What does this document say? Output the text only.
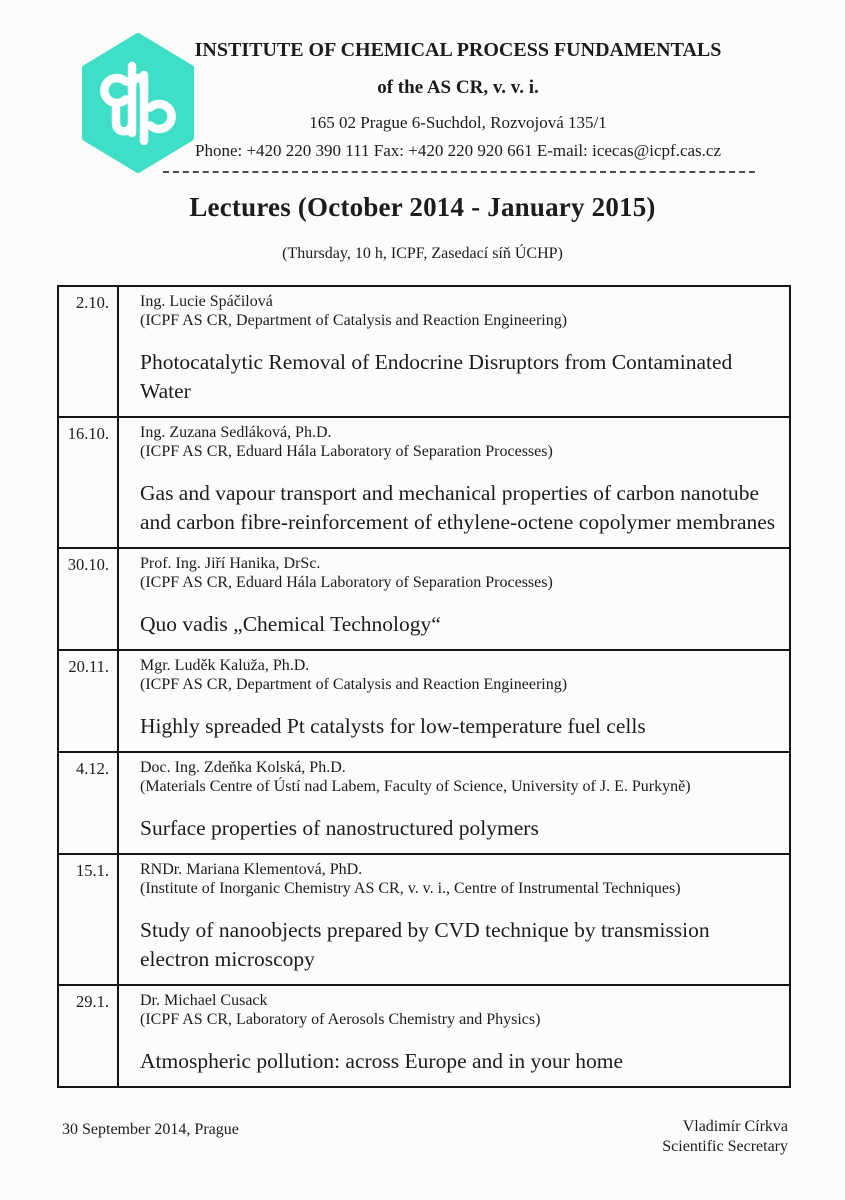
INSTITUTE OF CHEMICAL PROCESS FUNDAMENTALS
of the AS CR, v. v. i.
165 02 Prague 6-Suchdol, Rozvojová 135/1
Phone: +420 220 390 111 Fax: +420 220 920 661 E-mail: icecas@icpf.cas.cz
Lectures (October 2014 - January 2015)
(Thursday, 10 h, ICPF, Zasedací síň ÚCHP)
2.10.	Ing. Lucie Spáčilová
(ICPF AS CR, Department of Catalysis and Reaction Engineering)
Photocatalytic Removal of Endocrine Disruptors from Contaminated Water

16.10.	Ing. Zuzana Sedláková, Ph.D.
(ICPF AS CR, Eduard Hála Laboratory of Separation Processes)
Gas and vapour transport and mechanical properties of carbon nanotube and carbon fibre-reinforcement of ethylene-octene copolymer membranes

30.10.	Prof. Ing. Jiří Hanika, DrSc.
(ICPF AS CR, Eduard Hála Laboratory of Separation Processes)
Quo vadis „Chemical Technology“

20.11.	Mgr. Luděk Kaluža, Ph.D.
(ICPF AS CR, Department of Catalysis and Reaction Engineering)
Highly spreaded Pt catalysts for low-temperature fuel cells

4.12.	Doc. Ing. Zdeňka Kolská, Ph.D.
(Materials Centre of Ústí nad Labem, Faculty of Science, University of J. E. Purkyně)
Surface properties of nanostructured polymers

15.1.	RNDr. Mariana Klementová, PhD.
(Institute of Inorganic Chemistry AS CR, v. v. i., Centre of Instrumental Techniques)
Study of nanoobjects prepared by CVD technique by transmission electron microscopy

29.1.	Dr. Michael Cusack
(ICPF AS CR, Laboratory of Aerosols Chemistry and Physics)
Atmospheric pollution: across Europe and in your home
30 September 2014, Prague	Vladimír Církva
Scientific Secretary
